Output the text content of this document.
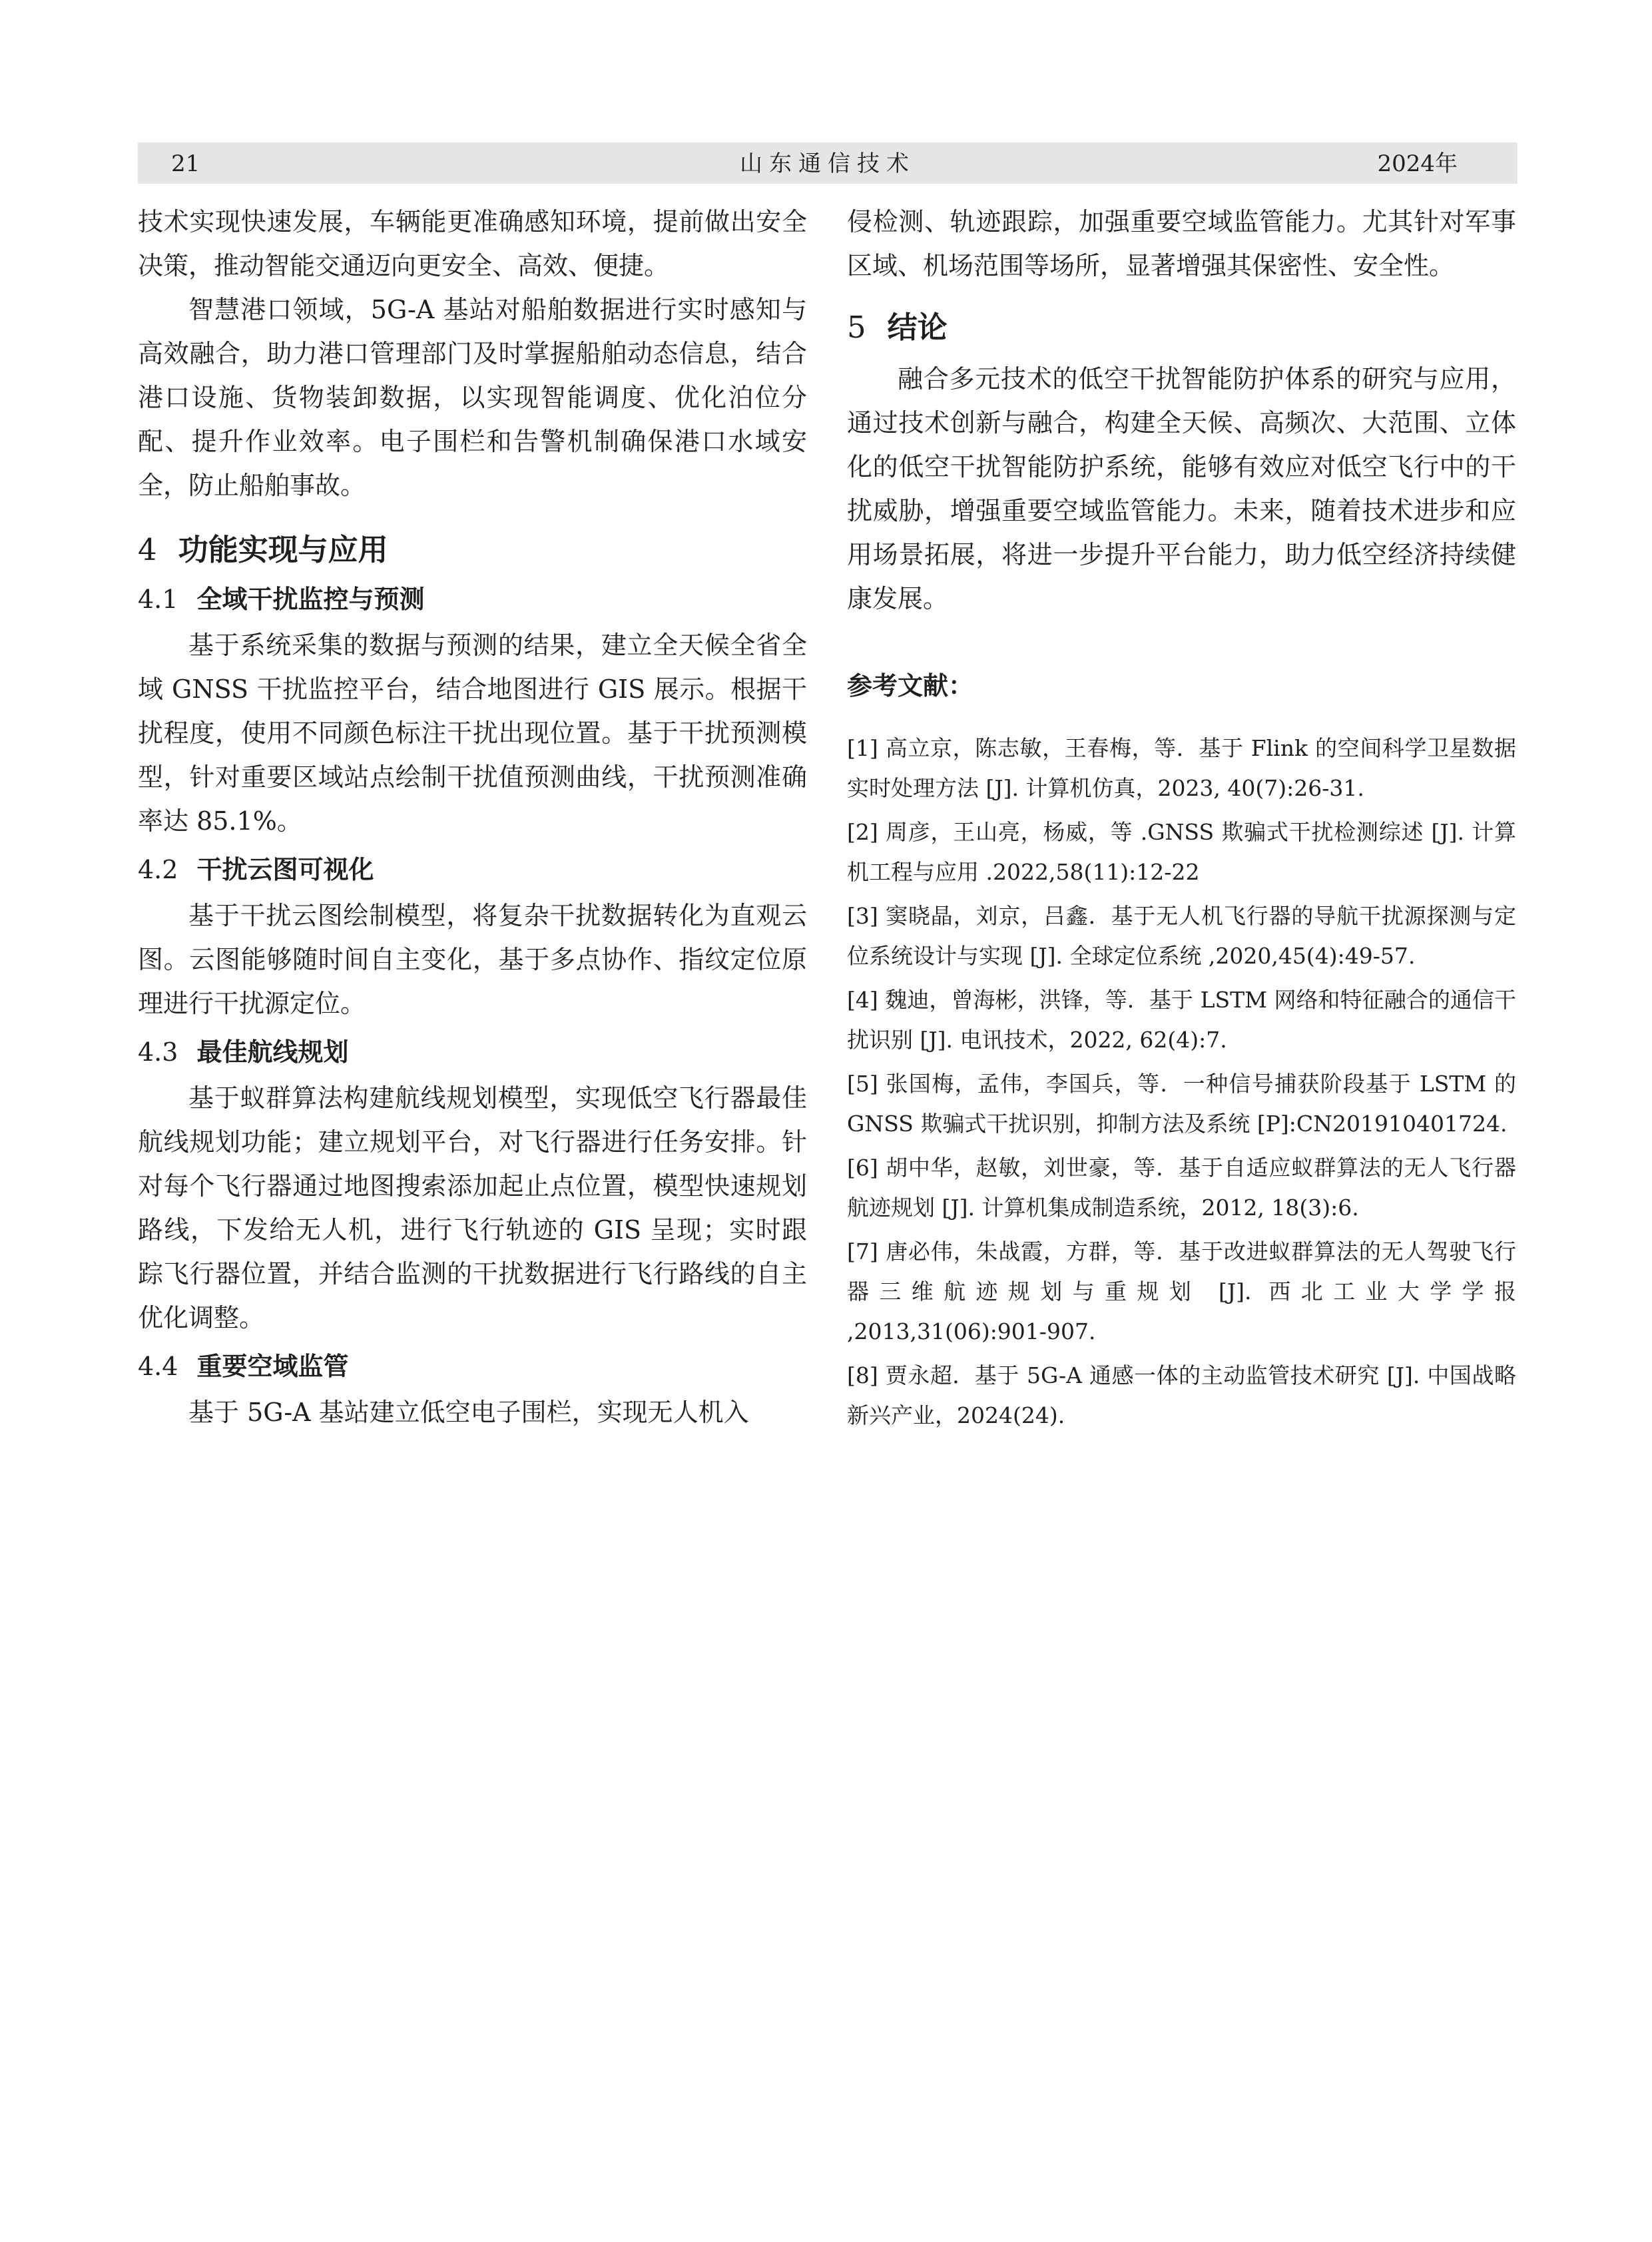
21	山东通信技术	2024年

技术实现快速发展，车辆能更准确感知环境，提前做出安全决策，推动智能交通迈向更安全、高效、便捷。

智慧港口领域，5G-A 基站对船舶数据进行实时感知与高效融合，助力港口管理部门及时掌握船舶动态信息，结合港口设施、货物装卸数据，以实现智能调度、优化泊位分配、提升作业效率。电子围栏和告警机制确保港口水域安全，防止船舶事故。

4 功能实现与应用
4.1 全域干扰监控与预测

基于系统采集的数据与预测的结果，建立全天候全省全域 GNSS 干扰监控平台，结合地图进行 GIS 展示。根据干扰程度，使用不同颜色标注干扰出现位置。基于干扰预测模型，针对重要区域站点绘制干扰值预测曲线，干扰预测准确率达 85.1%。

4.2 干扰云图可视化

基于干扰云图绘制模型，将复杂干扰数据转化为直观云图。云图能够随时间自主变化，基于多点协作、指纹定位原理进行干扰源定位。

4.3 最佳航线规划

基于蚁群算法构建航线规划模型，实现低空飞行器最佳航线规划功能；建立规划平台，对飞行器进行任务安排。针对每个飞行器通过地图搜索添加起止点位置，模型快速规划路线，下发给无人机，进行飞行轨迹的 GIS 呈现；实时跟踪飞行器位置，并结合监测的干扰数据进行飞行路线的自主优化调整。

4.4 重要空域监管

基于 5G-A 基站建立低空电子围栏，实现无人机入

侵检测、轨迹跟踪，加强重要空域监管能力。尤其针对军事区域、机场范围等场所，显著增强其保密性、安全性。

5 结论

融合多元技术的低空干扰智能防护体系的研究与应用，通过技术创新与融合，构建全天候、高频次、大范围、立体化的低空干扰智能防护系统，能够有效应对低空飞行中的干扰威胁，增强重要空域监管能力。未来，随着技术进步和应用场景拓展，将进一步提升平台能力，助力低空经济持续健康发展。

参考文献：
[1] 高立京，陈志敏，王春梅，等．基于 Flink 的空间科学卫星数据实时处理方法 [J]. 计算机仿真，2023, 40(7):26-31.
[2] 周彦，王山亮，杨威，等 .GNSS 欺骗式干扰检测综述 [J]. 计算机工程与应用 .2022,58(11):12-22
[3] 窦晓晶，刘京，吕鑫．基于无人机飞行器的导航干扰源探测与定位系统设计与实现 [J]. 全球定位系统 ,2020,45(4):49-57.
[4] 魏迪，曾海彬，洪锋，等．基于 LSTM 网络和特征融合的通信干扰识别 [J]. 电讯技术，2022, 62(4):7.
[5] 张国梅，孟伟，李国兵，等．一种信号捕获阶段基于 LSTM 的 GNSS 欺骗式干扰识别，抑制方法及系统 [P]:CN201910401724.
[6] 胡中华，赵敏，刘世豪，等．基于自适应蚁群算法的无人飞行器航迹规划 [J]. 计算机集成制造系统，2012, 18(3):6.
[7] 唐必伟，朱战霞，方群，等．基于改进蚁群算法的无人驾驶飞行器三维航迹规划与重规划 [J]. 西北工业大学学报 ,2013,31(06):901-907.
[8] 贾永超．基于 5G-A 通感一体的主动监管技术研究 [J]. 中国战略新兴产业，2024(24).
